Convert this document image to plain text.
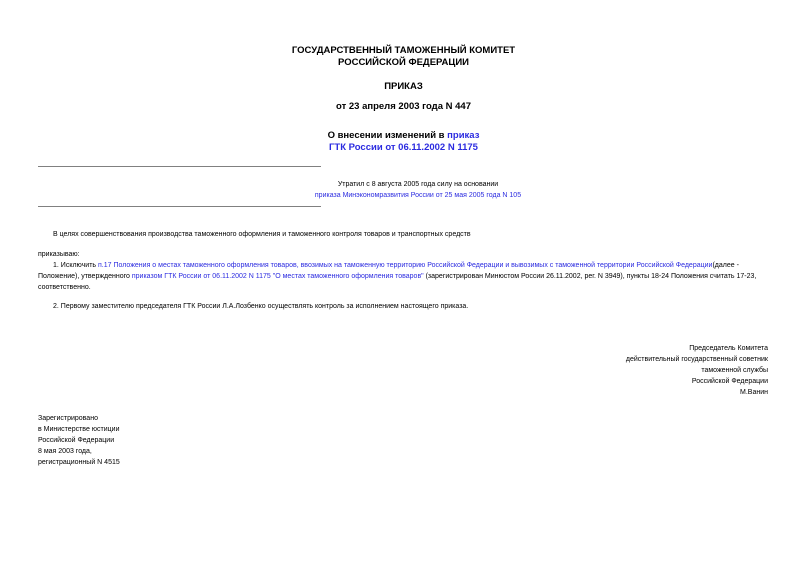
ГОСУДАРСТВЕННЫЙ ТАМОЖЕННЫЙ КОМИТЕТ
РОССИЙСКОЙ ФЕДЕРАЦИИ
ПРИКАЗ
от 23 апреля 2003 года N 447
О внесении изменений в приказ
ГТК России от 06.11.2002 N 1175
Утратил с 8 августа 2005 года силу на основании
приказа Минэкономразвития России от 25 мая 2005 года N 105
В целях совершенствования производства таможенного оформления и таможенного контроля товаров и транспортных средств
приказываю:
1. Исключить п.17 Положения о местах таможенного оформления товаров, ввозимых на таможенную территорию Российской Федерации и вывозимых с таможенной территории Российской Федерации(далее - Положение), утвержденного приказом ГТК России от 06.11.2002 N 1175 "О местах таможенного оформления товаров" (зарегистрирован Минюстом России 26.11.2002, рег. N 3949), пункты 18-24 Положения считать 17-23, соответственно.
2. Первому заместителю председателя ГТК России Л.А.Лозбенко осуществлять контроль за исполнением настоящего приказа.
Председатель Комитета
действительный государственный советник
таможенной службы
Российской Федерации
М.Ванин
Зарегистрировано
в Министерстве юстиции
Российской Федерации
8 мая 2003 года,
регистрационный N 4515
